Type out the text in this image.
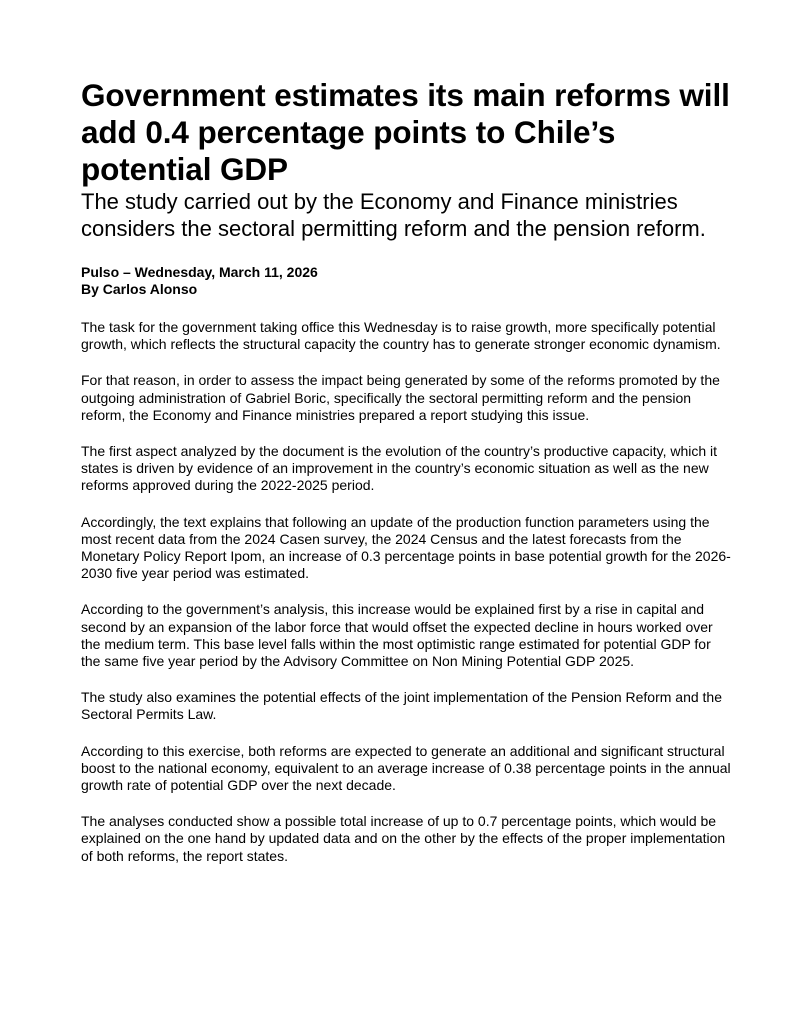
Government estimates its main reforms will add 0.4 percentage points to Chile’s potential GDP
The study carried out by the Economy and Finance ministries considers the sectoral permitting reform and the pension reform.
Pulso – Wednesday, March 11, 2026
By Carlos Alonso

The task for the government taking office this Wednesday is to raise growth, more specifically potential growth, which reflects the structural capacity the country has to generate stronger economic dynamism.

For that reason, in order to assess the impact being generated by some of the reforms promoted by the outgoing administration of Gabriel Boric, specifically the sectoral permitting reform and the pension reform, the Economy and Finance ministries prepared a report studying this issue.

The first aspect analyzed by the document is the evolution of the country’s productive capacity, which it states is driven by evidence of an improvement in the country’s economic situation as well as the new reforms approved during the 2022-2025 period.

Accordingly, the text explains that following an update of the production function parameters using the most recent data from the 2024 Casen survey, the 2024 Census and the latest forecasts from the Monetary Policy Report Ipom, an increase of 0.3 percentage points in base potential growth for the 2026-2030 five year period was estimated.

According to the government’s analysis, this increase would be explained first by a rise in capital and second by an expansion of the labor force that would offset the expected decline in hours worked over the medium term. This base level falls within the most optimistic range estimated for potential GDP for the same five year period by the Advisory Committee on Non Mining Potential GDP 2025.

The study also examines the potential effects of the joint implementation of the Pension Reform and the Sectoral Permits Law.

According to this exercise, both reforms are expected to generate an additional and significant structural boost to the national economy, equivalent to an average increase of 0.38 percentage points in the annual growth rate of potential GDP over the next decade.

The analyses conducted show a possible total increase of up to 0.7 percentage points, which would be explained on the one hand by updated data and on the other by the effects of the proper implementation of both reforms, the report states.
